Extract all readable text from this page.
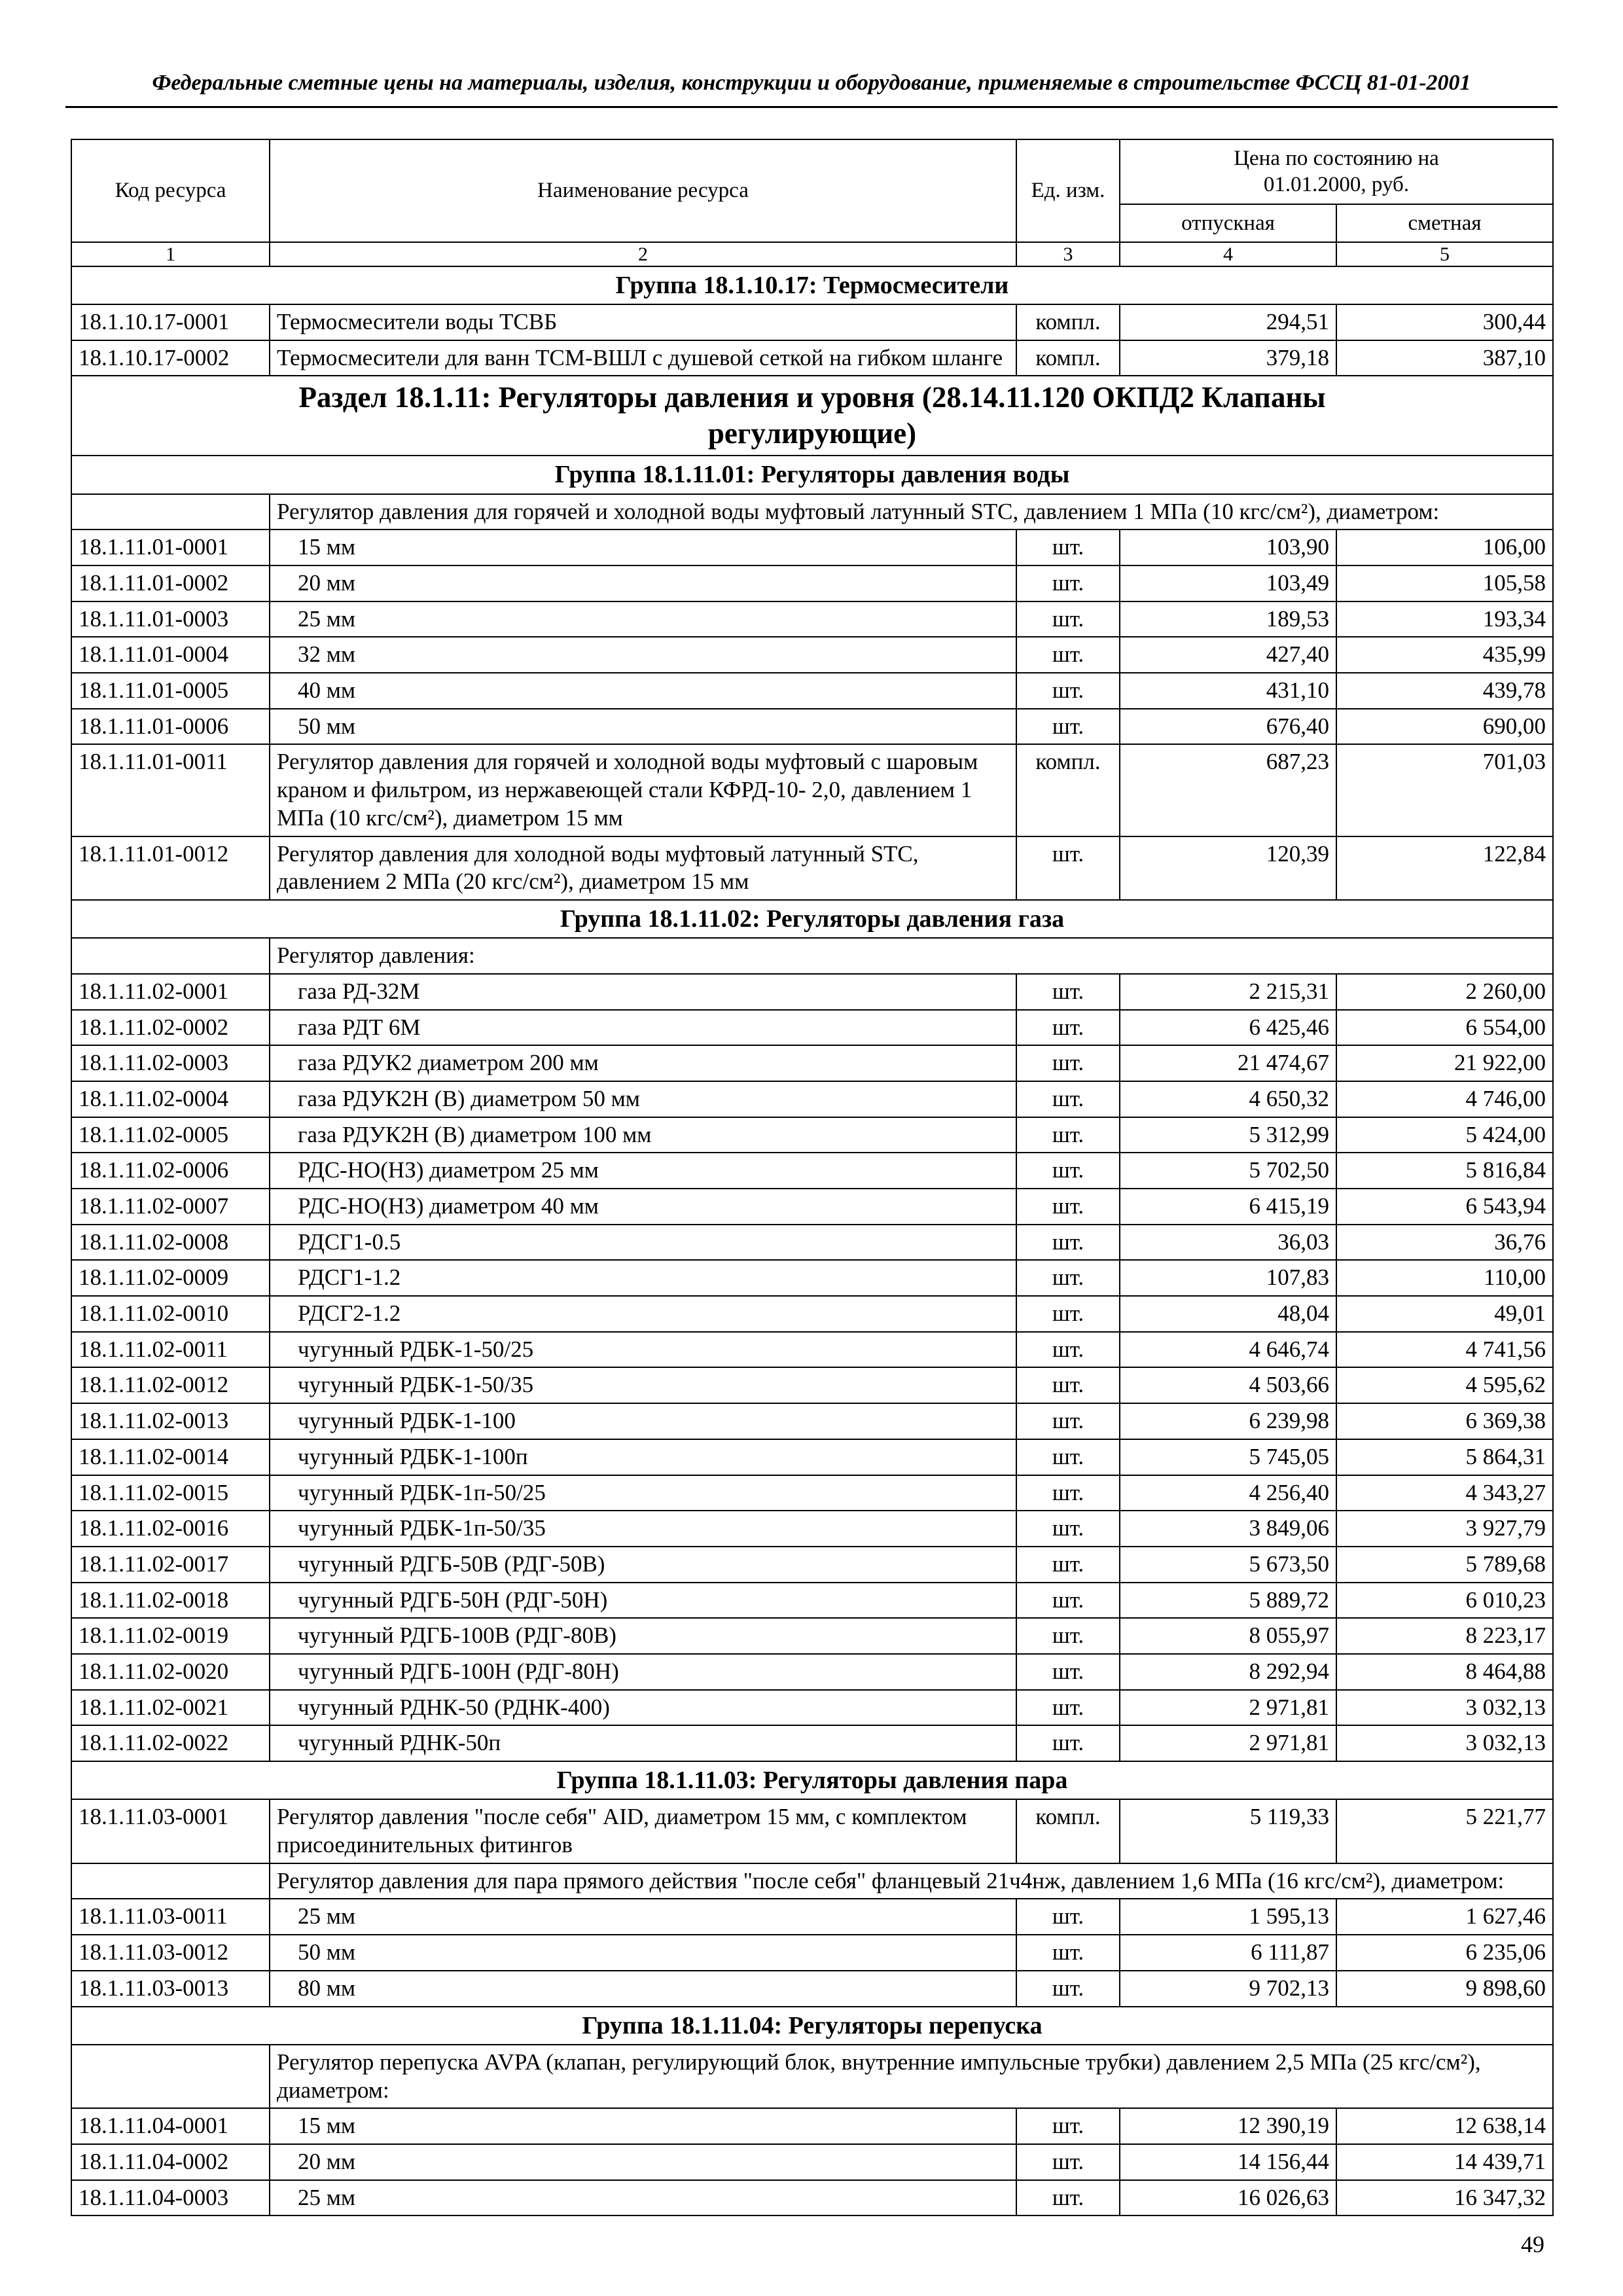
Федеральные сметные цены на материалы, изделия, конструкции и оборудование, применяемые в строительстве ФССЦ 81-01-2001
Код ресурса	Наименование ресурса	Ед. изм.	Цена по состоянию на
01.01.2000, руб.	
			отпускная	сметная
1	2	3	4	5
Группа 18.1.10.17: Термосмесители				
18.1.10.17-0001	Термосмесители воды ТСВБ	компл.	294,51	300,44
18.1.10.17-0002	Термосмесители для ванн ТСМ-ВШЛ с душевой сеткой на гибком шланге	компл.	379,18	387,10

Раздел 18.1.11: Регуляторы давления и уровня (28.14.11.120 ОКПД2 Клапаны регулирующие)				

Группа 18.1.11.01: Регуляторы давления воды				
	Регулятор давления для горячей и холодной воды муфтовый латунный STC, давлением 1 МПа (10 кгс/см²), диаметром:			
18.1.11.01-0001	15 мм	шт.	103,90	106,00
18.1.11.01-0002	20 мм	шт.	103,49	105,58
18.1.11.01-0003	25 мм	шт.	189,53	193,34
18.1.11.01-0004	32 мм	шт.	427,40	435,99
18.1.11.01-0005	40 мм	шт.	431,10	439,78
18.1.11.01-0006	50 мм	шт.	676,40	690,00
18.1.11.01-0011	Регулятор давления для горячей и холодной воды муфтовый с шаровым краном и фильтром, из нержавеющей стали КФРД-10- 2,0, давлением 1 МПа (10 кгс/см²), диаметром 15 мм	компл.	687,23	701,03
18.1.11.01-0012	Регулятор давления для холодной воды муфтовый латунный STC, давлением 2 МПа (20 кгс/см²), диаметром 15 мм	шт.	120,39	122,84
Группа 18.1.11.02: Регуляторы давления газа				
	Регулятор давления:			
18.1.11.02-0001	газа РД-32М	шт.	2 215,31	2 260,00
18.1.11.02-0002	газа РДТ 6М	шт.	6 425,46	6 554,00
18.1.11.02-0003	газа РДУК2 диаметром 200 мм	шт.	21 474,67	21 922,00
18.1.11.02-0004	газа РДУК2Н (В) диаметром 50 мм	шт.	4 650,32	4 746,00
18.1.11.02-0005	газа РДУК2Н (В) диаметром 100 мм	шт.	5 312,99	5 424,00
18.1.11.02-0006	РДС-НО(НЗ) диаметром 25 мм	шт.	5 702,50	5 816,84
18.1.11.02-0007	РДС-НО(НЗ) диаметром 40 мм	шт.	6 415,19	6 543,94
18.1.11.02-0008	РДСГ1-0.5	шт.	36,03	36,76
18.1.11.02-0009	РДСГ1-1.2	шт.	107,83	110,00
18.1.11.02-0010	РДСГ2-1.2	шт.	48,04	49,01
18.1.11.02-0011	чугунный РДБК-1-50/25	шт.	4 646,74	4 741,56
18.1.11.02-0012	чугунный РДБК-1-50/35	шт.	4 503,66	4 595,62
18.1.11.02-0013	чугунный РДБК-1-100	шт.	6 239,98	6 369,38
18.1.11.02-0014	чугунный РДБК-1-100п	шт.	5 745,05	5 864,31
18.1.11.02-0015	чугунный РДБК-1п-50/25	шт.	4 256,40	4 343,27
18.1.11.02-0016	чугунный РДБК-1п-50/35	шт.	3 849,06	3 927,79
18.1.11.02-0017	чугунный РДГБ-50В (РДГ-50В)	шт.	5 673,50	5 789,68
18.1.11.02-0018	чугунный РДГБ-50Н (РДГ-50Н)	шт.	5 889,72	6 010,23
18.1.11.02-0019	чугунный РДГБ-100В (РДГ-80В)	шт.	8 055,97	8 223,17
18.1.11.02-0020	чугунный РДГБ-100Н (РДГ-80Н)	шт.	8 292,94	8 464,88
18.1.11.02-0021	чугунный РДНК-50 (РДНК-400)	шт.	2 971,81	3 032,13
18.1.11.02-0022	чугунный РДНК-50п	шт.	2 971,81	3 032,13
Группа 18.1.11.03: Регуляторы давления пара				
18.1.11.03-0001	Регулятор давления "после себя" AID, диаметром 15 мм, с комплектом присоединительных фитингов	компл.	5 119,33	5 221,77
	Регулятор давления для пара прямого действия "после себя" фланцевый 21ч4нж, давлением 1,6 МПа (16 кгс/см²), диаметром:			
18.1.11.03-0011	25 мм	шт.	1 595,13	1 627,46
18.1.11.03-0012	50 мм	шт.	6 111,87	6 235,06
18.1.11.03-0013	80 мм	шт.	9 702,13	9 898,60
Группа 18.1.11.04: Регуляторы перепуска				
	Регулятор перепуска AVPA (клапан, регулирующий блок, внутренние импульсные трубки) давлением 2,5 МПа (25 кгс/см²), диаметром:			
18.1.11.04-0001	15 мм	шт.	12 390,19	12 638,14
18.1.11.04-0002	20 мм	шт.	14 156,44	14 439,71
18.1.11.04-0003	25 мм	шт.	16 026,63	16 347,32
49
